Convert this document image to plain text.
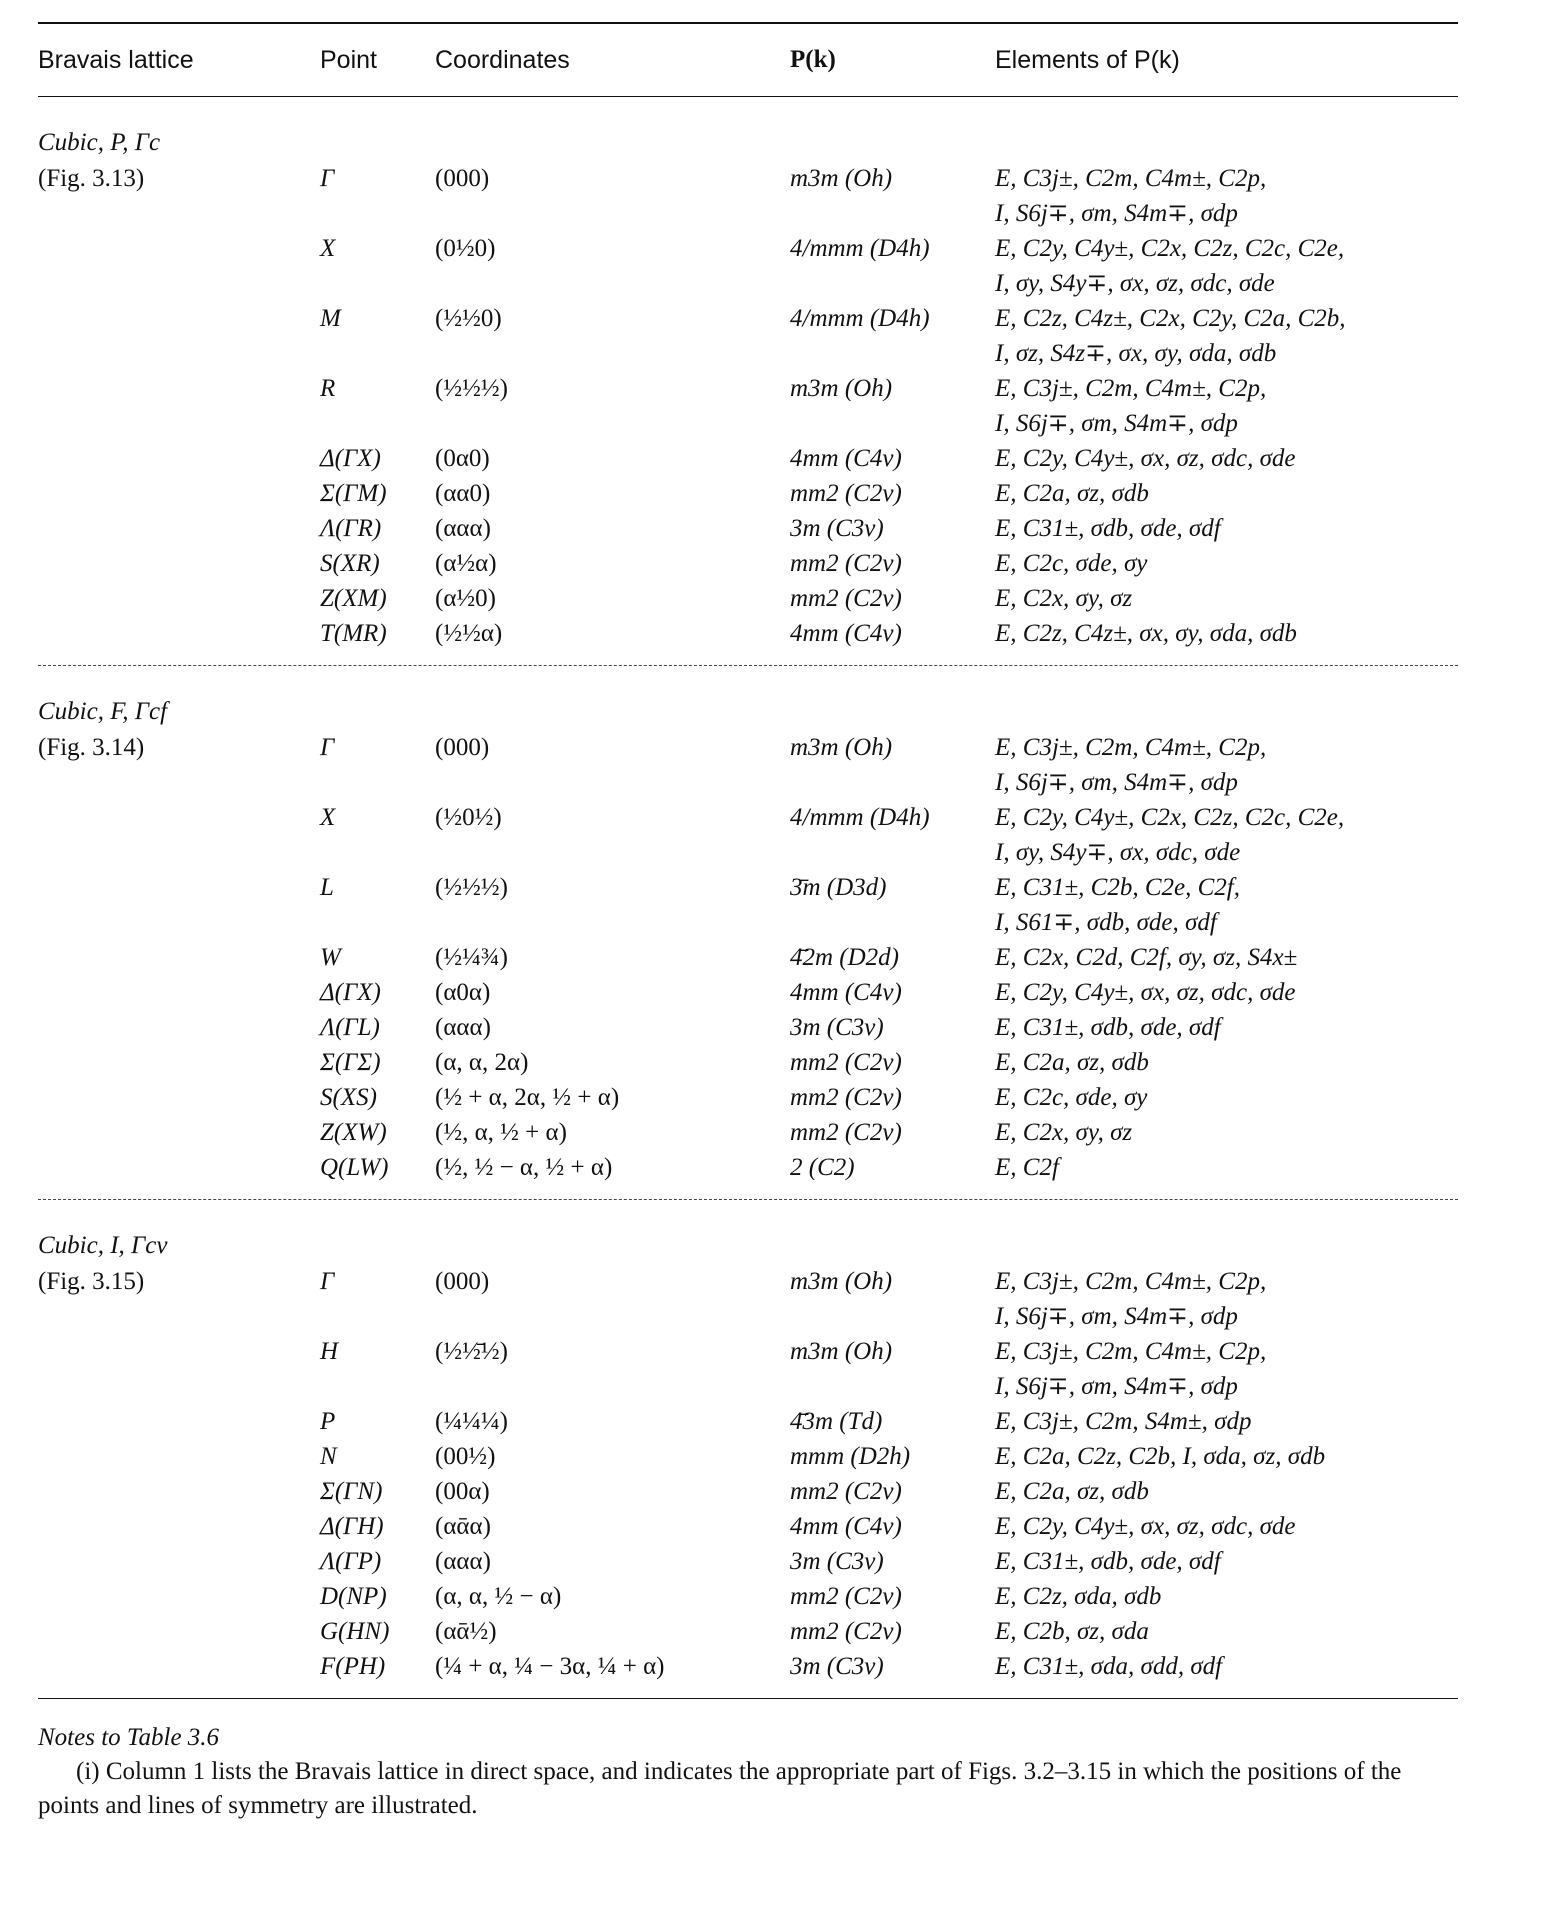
Bravais lattice	Point	Coordinates	P(k)	Elements of P(k)
Cubic, P, Γc
(Fig. 3.13)	Γ	(000)	m3m (Oh)	E, C3j±, C2m, C4m±, C2p,
I, S6j∓, σm, S4m∓, σdp
X	(0½0)	4/mmm (D4h)	E, C2y, C4y±, C2x, C2z, C2c, C2e,
I, σy, S4y∓, σx, σz, σdc, σde
M	(½½0)	4/mmm (D4h)	E, C2z, C4z±, C2x, C2y, C2a, C2b,
I, σz, S4z∓, σx, σy, σda, σdb
R	(½½½)	m3m (Oh)	E, C3j±, C2m, C4m±, C2p,
I, S6j∓, σm, S4m∓, σdp
Δ(ΓX)	(0α0)	4mm (C4v)	E, C2y, C4y±, σx, σz, σdc, σde
Σ(ΓM)	(αα0)	mm2 (C2v)	E, C2a, σz, σdb
Λ(ΓR)	(ααα)	3m (C3v)	E, C31±, σdb, σde, σdf
S(XR)	(α½α)	mm2 (C2v)	E, C2c, σde, σy
Z(XM)	(α½0)	mm2 (C2v)	E, C2x, σy, σz
T(MR)	(½½α)	4mm (C4v)	E, C2z, C4z±, σx, σy, σda, σdb
Cubic, F, Γcf
(Fig. 3.14)	Γ	(000)	m3m (Oh)	E, C3j±, C2m, C4m±, C2p,
I, S6j∓, σm, S4m∓, σdp
X	(½0½)	4/mmm (D4h)	E, C2y, C4y±, C2x, C2z, C2c, C2e,
I, σy, S4y∓, σx, σdc, σde
L	(½½½)	3̄m (D3d)	E, C31±, C2b, C2e, C2f,
I, S61∓, σdb, σde, σdf
W	(½¼¾)	4̄2m (D2d)	E, C2x, C2d, C2f, σy, σz, S4x±
Δ(ΓX)	(α0α)	4mm (C4v)	E, C2y, C4y±, σx, σz, σdc, σde
Λ(ΓL)	(ααα)	3m (C3v)	E, C31±, σdb, σde, σdf
Σ(ΓΣ)	(α, α, 2α)	mm2 (C2v)	E, C2a, σz, σdb
S(XS)	(½ + α, 2α, ½ + α)	mm2 (C2v)	E, C2c, σde, σy
Z(XW)	(½, α, ½ + α)	mm2 (C2v)	E, C2x, σy, σz
Q(LW)	(½, ½ − α, ½ + α)	2 (C2)	E, C2f
Cubic, I, Γcv
(Fig. 3.15)	Γ	(000)	m3m (Oh)	E, C3j±, C2m, C4m±, C2p,
I, S6j∓, σm, S4m∓, σdp
H	(½½̄½)	m3m (Oh)	E, C3j±, C2m, C4m±, C2p,
I, S6j∓, σm, S4m∓, σdp
P	(¼¼¼)	4̄3m (Td)	E, C3j±, C2m, S4m±, σdp
N	(00½)	mmm (D2h)	E, C2a, C2z, C2b, I, σda, σz, σdb
Σ(ΓN)	(00α)	mm2 (C2v)	E, C2a, σz, σdb
Δ(ΓH)	(αᾱα)	4mm (C4v)	E, C2y, C4y±, σx, σz, σdc, σde
Λ(ΓP)	(ααα)	3m (C3v)	E, C31±, σdb, σde, σdf
D(NP)	(α, α, ½ − α)	mm2 (C2v)	E, C2z, σda, σdb
G(HN)	(αᾱ½)	mm2 (C2v)	E, C2b, σz, σda
F(PH)	(¼ + α, ¼ − 3α, ¼ + α)	3m (C3v)	E, C31±, σda, σdd, σdf
Notes to Table 3.6
(i) Column 1 lists the Bravais lattice in direct space, and indicates the appropriate part of Figs. 3.2–3.15 in which the positions of the points and lines of symmetry are illustrated.
